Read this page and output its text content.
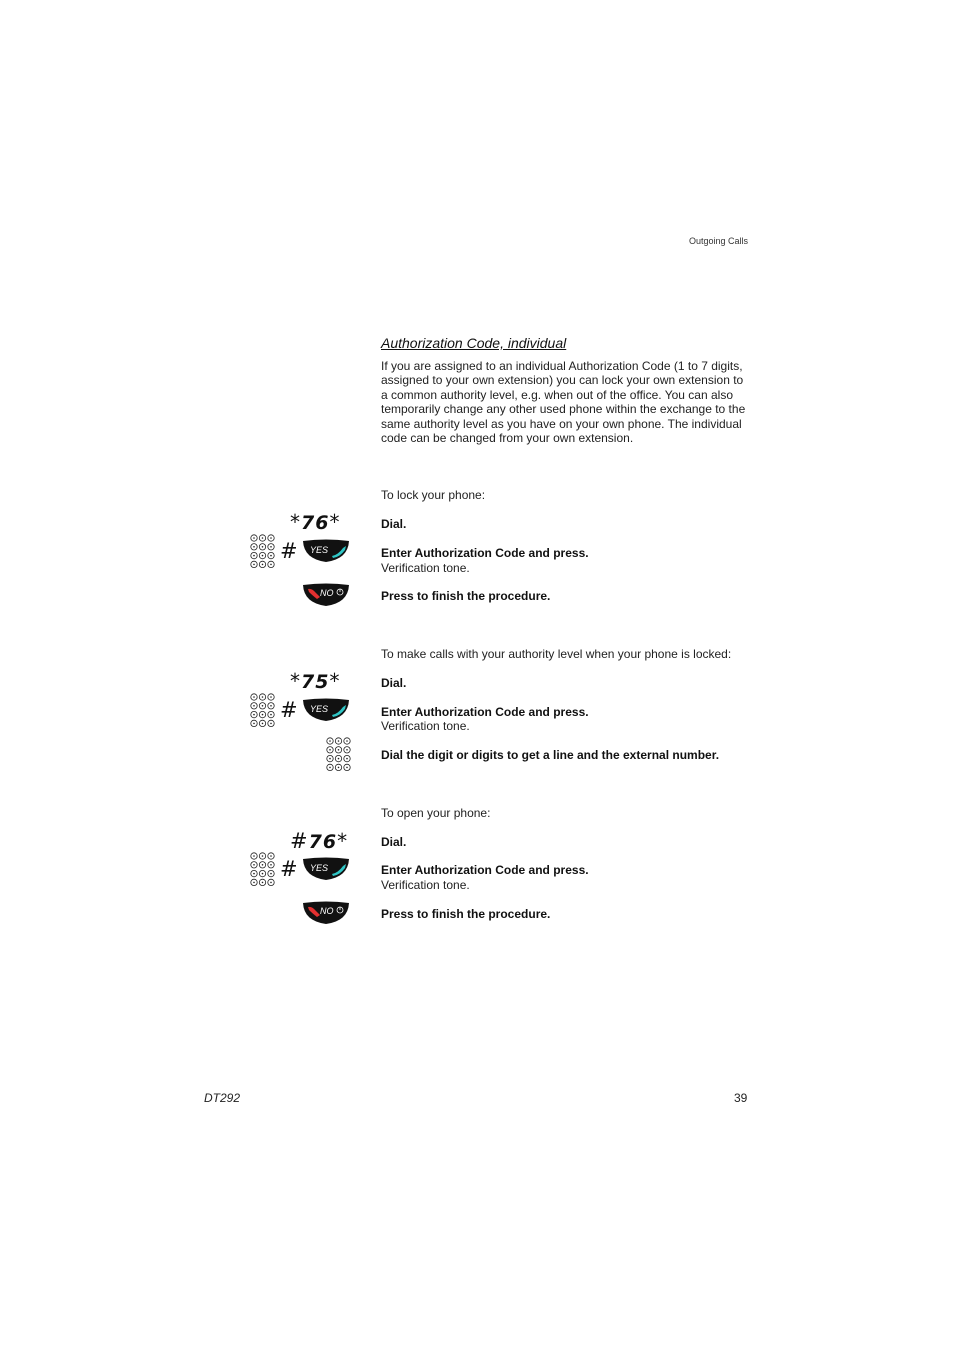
Outgoing Calls
Authorization Code, individual
If you are assigned to an individual Authorization Code (1 to 7 digits, assigned to your own extension) you can lock your own extension to a common authority level, e.g. when out of the office. You can also temporarily change any other used phone within the exchange to the same authority level as you have on your own phone. The individual code can be changed from your own extension.
To lock your phone:
*76*	Dial.
# YES	Enter Authorization Code and press.
Verification tone.
NO	Press to finish the procedure.
To make calls with your authority level when your phone is locked:
*75*	Dial.
# YES	Enter Authorization Code and press.
Verification tone.
Dial the digit or digits to get a line and the external number.
To open your phone:
#76*	Dial.
# YES	Enter Authorization Code and press.
Verification tone.
NO	Press to finish the procedure.
DT292	39
